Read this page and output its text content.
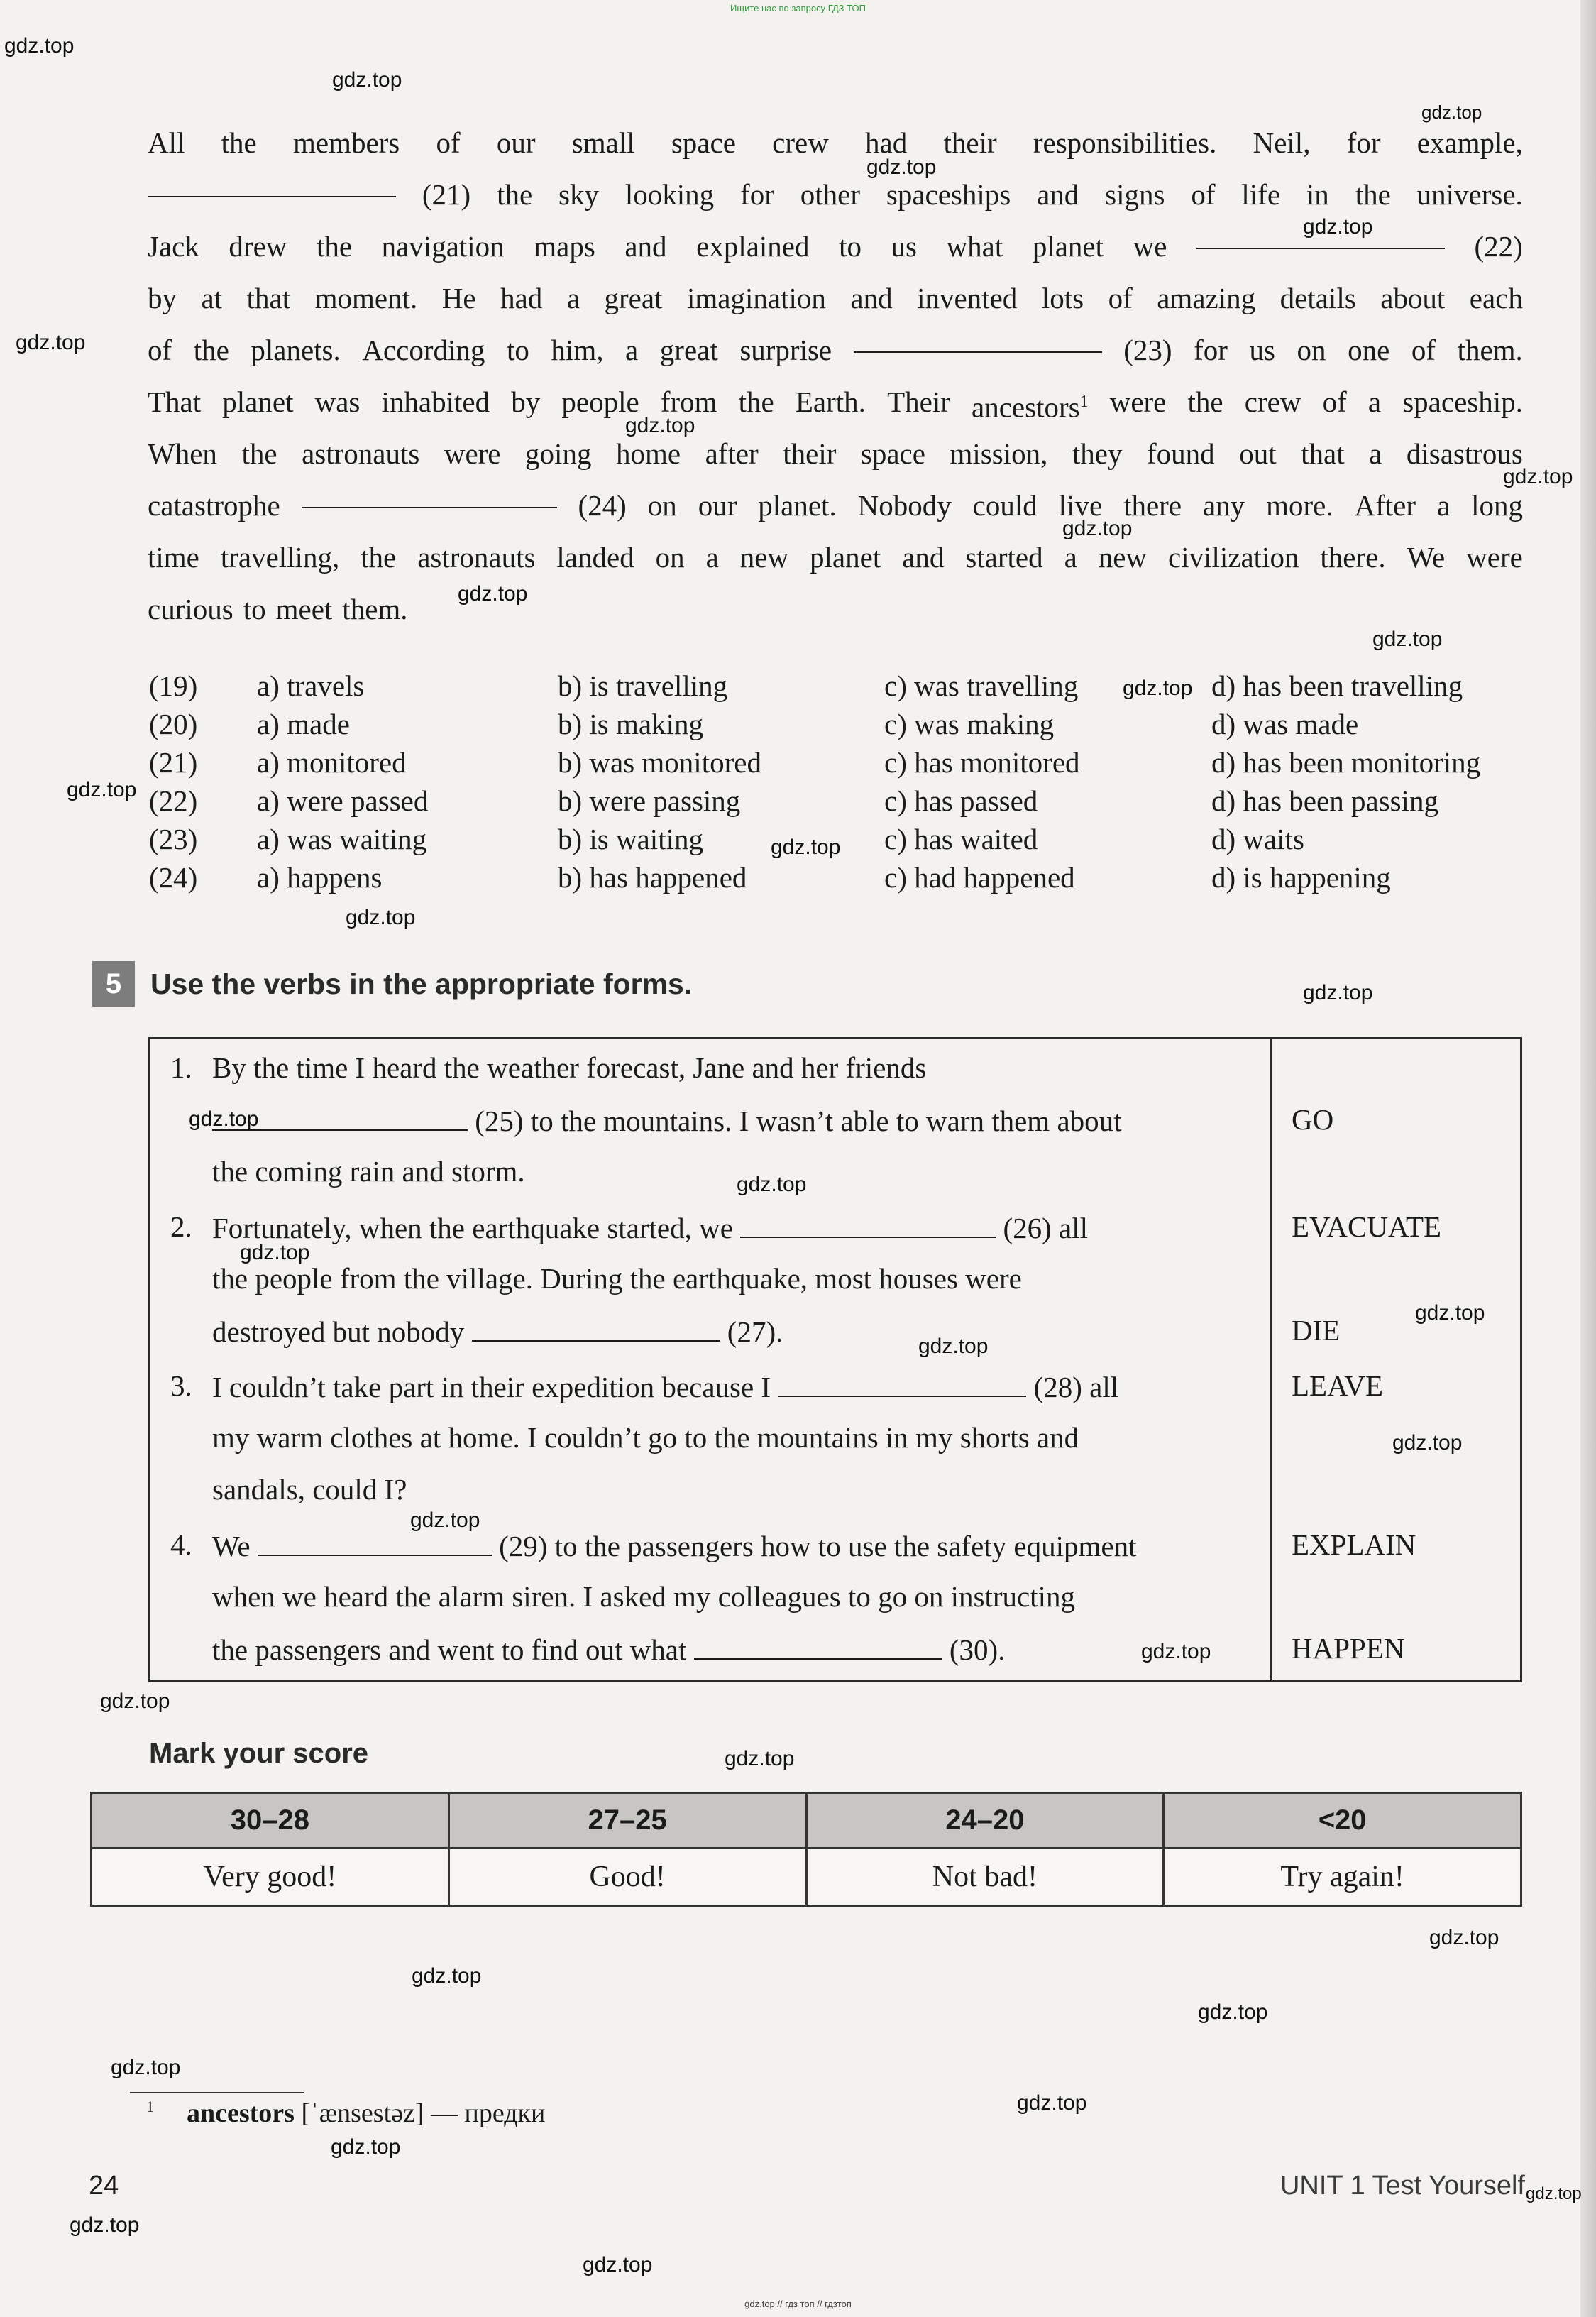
Ищите нас по запросу ГДЗ ТОП
gdz.top
gdz.top
gdz.top
gdz.top
gdz.top
gdz.top
gdz.top
gdz.top
gdz.top
gdz.top
gdz.top
gdz.top
gdz.top
gdz.top
gdz.top
gdz.top
gdz.top
gdz.top
gdz.top
gdz.top
gdz.top
gdz.top
gdz.top
gdz.top
gdz.top
gdz.top
gdz.top
gdz.top
gdz.top
gdz.top
gdz.top
gdz.top
gdz.top
gdz.top
gdz.top
All the members of our small space crew had their responsibilities. Neil, for example,
(21) the sky looking for other spaceships and signs of life in the universe.
Jack drew the navigation maps and explained to us what planet we	(22)
by at that moment. He had a great imagination and invented lots of amazing details about each
of the planets. According to him, a great surprise	(23) for us on one of them.
That planet was inhabited by people from the Earth. Their ancestors$^1$ were the crew of a spaceship.
When the astronauts were going home after their space mission, they found out that a disastrous
catastrophe	(24) on our planet. Nobody could live there any more. After a long
time travelling, the astronauts landed on a new planet and started a new civilization there. We were
curious to meet them.
(19) a) travels	b) is travelling	c) was travelling	d) has been travelling
(20) a) made	b) is making	c) was making	d) was made
(21) a) monitored	b) was monitored	c) has monitored	d) has been monitoring
(22) a) were passed	b) were passing	c) has passed	d) has been passing
(23) a) was waiting	b) is waiting	c) has waited	d) waits
(24) a) happens	b) has happened	c) had happened	d) is happening
5 Use the verbs in the appropriate forms.
1. By the time I heard the weather forecast, Jane and her friends
(25) to the mountains. I wasn’t able to warn them about
the coming rain and storm.
2. Fortunately, when the earthquake started, we	(26) all
the people from the village. During the earthquake, most houses were
destroyed but nobody	(27).
3. I couldn’t take part in their expedition because I	(28) all
my warm clothes at home. I couldn’t go to the mountains in my shorts and
sandals, could I?
4. We	(29) to the passengers how to use the safety equipment
when we heard the alarm siren. I asked my colleagues to go on instructing
the passengers and went to find out what	(30).
GO
EVACUATE
DIE
LEAVE
EXPLAIN
HAPPEN
Mark your score
30–28	27–25	24–20	<20
Very good!	Good!	Not bad!	Try again!
$^1$ ancestors [ˈænsestəz] — предки
24	UNIT 1 Test Yourself
gdz.top // гдз топ // гдзтоп
